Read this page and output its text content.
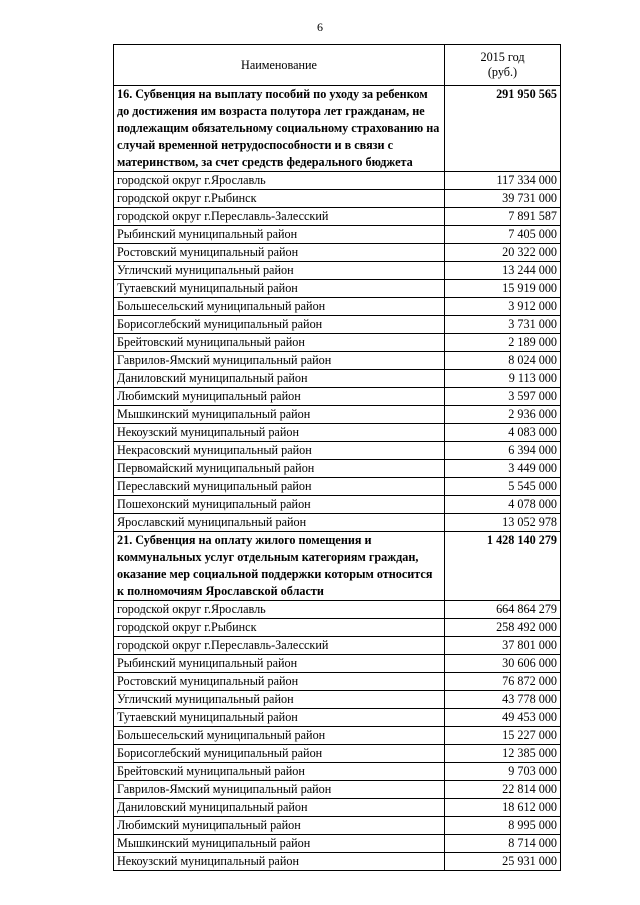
6
Наименование	2015 год
(руб.)
16. Субвенция на выплату пособий по уходу за ребенком до достижения им возраста полутора лет гражданам, не подлежащим обязательному социальному страхованию на случай временной нетрудоспособности и в связи с материнством, за счет средств федерального бюджета	291 950 565
городской округ г.Ярославль	117 334 000
городской округ г.Рыбинск	39 731 000
городской округ г.Переславль-Залесский	7 891 587
Рыбинский муниципальный район	7 405 000
Ростовский муниципальный район	20 322 000
Угличский муниципальный район	13 244 000
Тутаевский муниципальный район	15 919 000
Большесельский муниципальный район	3 912 000
Борисоглебский муниципальный район	3 731 000
Брейтовский муниципальный район	2 189 000
Гаврилов-Ямский муниципальный район	8 024 000
Даниловский муниципальный район	9 113 000
Любимский муниципальный район	3 597 000
Мышкинский муниципальный район	2 936 000
Некоузский муниципальный район	4 083 000
Некрасовский муниципальный район	6 394 000
Первомайский муниципальный район	3 449 000
Переславский муниципальный район	5 545 000
Пошехонский муниципальный район	4 078 000
Ярославский муниципальный район	13 052 978
21. Субвенция на оплату жилого помещения и коммунальных услуг отдельным категориям граждан, оказание мер социальной поддержки которым относится к полномочиям Ярославской области	1 428 140 279
городской округ г.Ярославль	664 864 279
городской округ г.Рыбинск	258 492 000
городской округ г.Переславль-Залесский	37 801 000
Рыбинский муниципальный район	30 606 000
Ростовский муниципальный район	76 872 000
Угличский муниципальный район	43 778 000
Тутаевский муниципальный район	49 453 000
Большесельский муниципальный район	15 227 000
Борисоглебский муниципальный район	12 385 000
Брейтовский муниципальный район	9 703 000
Гаврилов-Ямский муниципальный район	22 814 000
Даниловский муниципальный район	18 612 000
Любимский муниципальный район	8 995 000
Мышкинский муниципальный район	8 714 000
Некоузский муниципальный район	25 931 000
